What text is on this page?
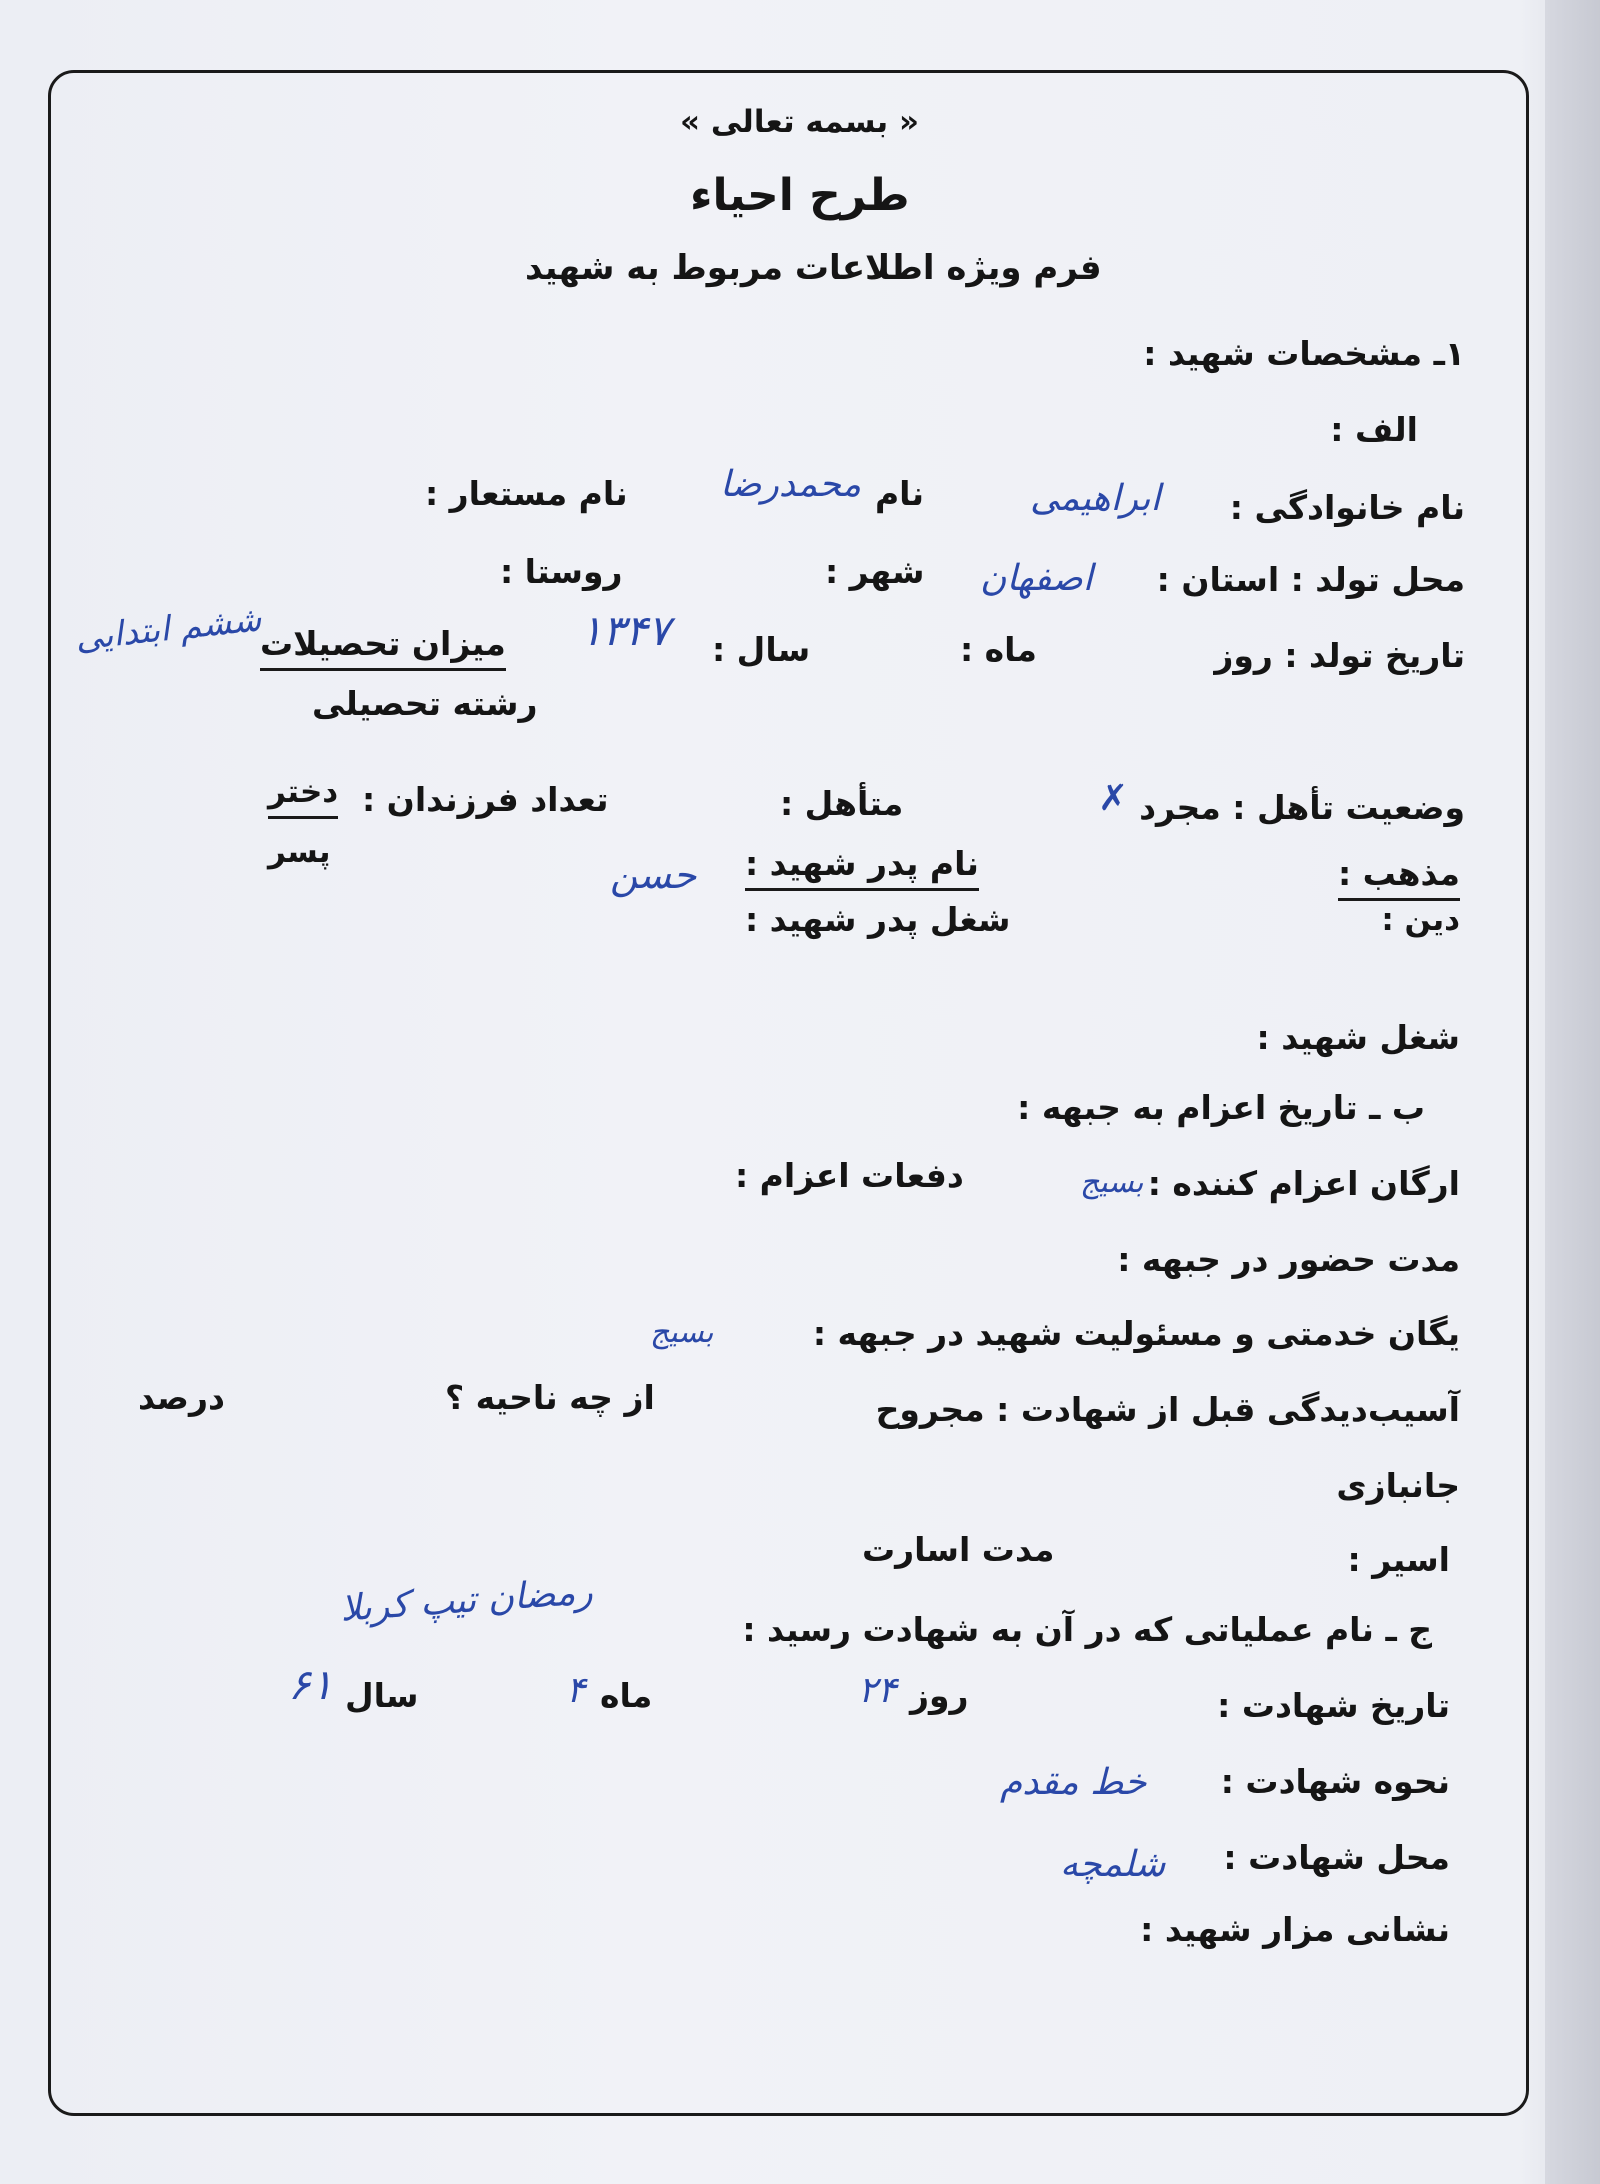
« بسمه تعالی »
طرح احیاء
فرم ویژه اطلاعات مربوط به شهید
۱ـ مشخصات شهید :
الف :
نام خانوادگی :
ابراهیمی
نام
محمدرضا
نام مستعار :
محل تولد : استان :
اصفهان
شهر :
روستا :
تاریخ تولد : روز
ماه :
سال :
۱۳۴۷
میزان تحصیلات
ششم ابتدایی
رشته تحصیلی
وضعیت تأهل : مجرد
✗
متأهل :
تعداد فرزندان :
دختر
پسر
مذهب :
دین :
نام پدر شهید :
حسن
شغل پدر شهید :
شغل شهید :
ب ـ تاریخ اعزام به جبهه :
ارگان اعزام کننده :
بسیج
دفعات اعزام :
مدت حضور در جبهه :
یگان خدمتی و مسئولیت شهید در جبهه :
بسیج
آسیب‌دیدگی قبل از شهادت : مجروح
از چه ناحیه ؟
درصد
جانبازی
اسیر :
مدت اسارت
ج ـ نام عملیاتی که در آن به شهادت رسید :
رمضان تیپ کربلا
تاریخ شهادت :
روز
۲۴
ماه
۴
سال
۶۱
نحوه شهادت :
خط مقدم
محل شهادت :
شلمچه
نشانی مزار شهید :
